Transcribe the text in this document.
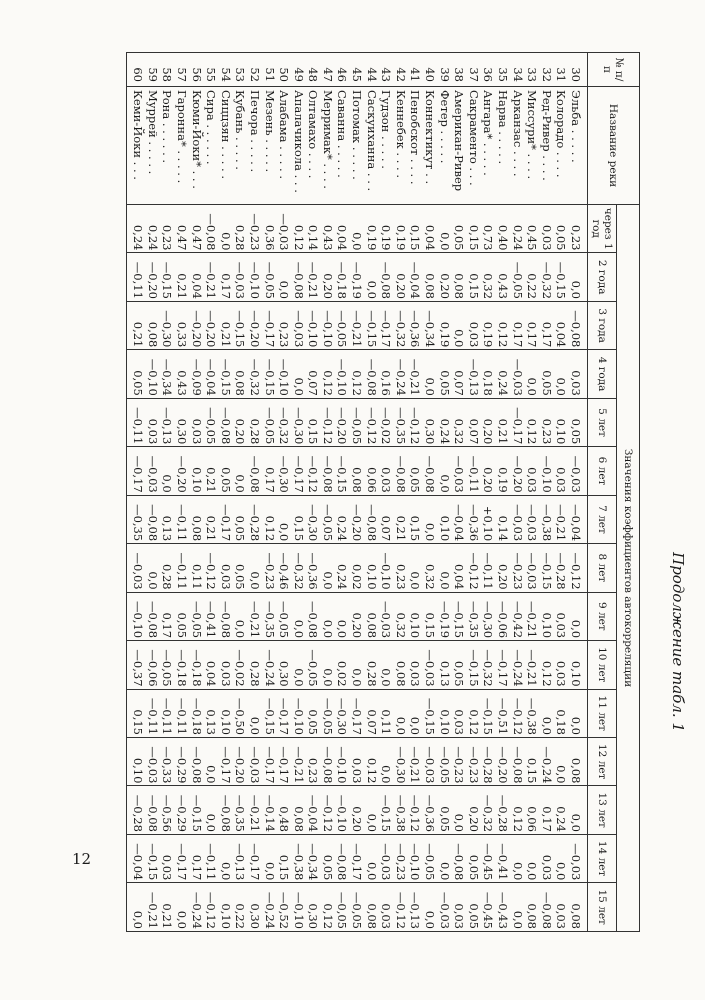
12
Продолжение табл. 1
№ п/п	Название реки	Значения коэффициентов автокорреляции														
		через 1 год	2 года	3 года	4 года	5 лет	6 лет	7 лет	8 лет	9 лет	10 лет	11 лет	12 лет	13 лет	14 лет	15 лет
30	Эльба . . . . .	0,23	0,0	—0,08	0,03	0,05	—0,03	—0,04	—0,12	0,0	0,10	0,0	0,08	0,0	—0,03	0,08
31	Колорадо . . . .	0,05	—0,15	0,04	0,0	0,10	0,03	—0,21	—0,28	0,03	0,03	0,18	0,0	0,24	0,0	0,03
32	Ред-Ривер . . . .	0,03	—0,32	0,17	0,05	0,23	—0,10	—0,38	—0,15	0,10	0,12	0,0	—0,24	0,17	0,03	—0,08
33	Миссури* . . . .	0,45	0,22	0,17	0,0	0,12	0,03	—0,03	—0,03	—0,21	—0,21	—0,38	0,15	0,06	0,0	0,08
34	Арканзас . . . .	0,24	—0,05	0,17	—0,03	—0,17	—0,20	—0,03	—0,23	—0,42	—0,24	—0,12	—0,08	0,12	0,0	0,0
35	Нарва . . . . .	0,40	0,43	0,12	0,24	0,21	0,19	0,14	0,20	—0,06	—0,17	—0,51	—0,20	—0,28	—0,41	—0,43
36	Ангара* . . . . .	0,73	0,32	0,19	0,18	0,20	0,20	+0,10	—0,11	—0,30	—0,32	—0,15	—0,28	—0,32	—0,45	—0,45
37	Сакраменто . . .	0,15	0,15	0,03	—0,13	0,07	—0,11	—0,36	—0,12	—0,35	—0,15	0,12	—0,23	0,20	0,05	0,05
38	Американ-Ривер	0,05	0,08	0,0	0,07	0,32	—0,03	—0,04	0,04	—0,15	0,05	0,03	—0,23	0,0	—0,08	0,03
39	Фетер . . . . .	0,0	0,20	0,19	0,05	0,24	0,0	0,10	0,0	—0,19	0,13	0,10	—0,05	0,05	0,0	—0,03
40	Коннектикут . .	0,04	0,08	—0,34	0,0	0,30	—0,08	0,0	0,32	0,15	—0,03	—0,15	—0,03	—0,36	—0,05	0,0
41	Пенобскот . . . .	0,15	—0,04	—0,36	—0,21	—0,12	0,05	0,15	0,0	0,10	0,03	0,0	—0,21	—0,12	—0,10	—0,13
42	Кеннебек . . . .	0,19	0,20	—0,32	—0,24	—0,35	—0,08	0,21	0,23	0,32	0,08	0,0	—0,30	—0,38	—0,23	—0,12
43	Гудзон . . . . .	0,19	—0,08	—0,17	0,16	—0,02	0,03	0,07	—0,10	—0,03	0,0	0,11	0,0	—0,15	—0,03	0,03
44	Саскуиханна . . .	0,19	0,0	—0,15	—0,08	—0,12	0,06	—0,08	0,10	0,08	0,28	0,07	0,12	0,0	0,0	0,08
45	Потомак . . . . .	0,0	—0,19	—0,21	0,12	—0,05	0,08	—0,20	0,02	0,20	0,0	—0,17	0,03	0,20	—0,17	—0,05
46	Саванна . . . . .	0,04	—0,18	—0,05	—0,10	—0,20	—0,15	0,24	0,24	0,0	0,02	—0,30	—0,10	—0,10	—0,08	—0,05
47	Мерримак* . . . .	0,43	0,20	—0,10	0,12	—0,12	—0,08	—0,05	0,0	0,0	0,0	—0,05	—0,08	—0,12	0,05	0,12
48	Олтамахо . . . .	0,14	—0,21	—0,10	0,07	0,15	—0,12	—0,30	—0,36	—0,08	—0,05	0,05	0,23	—0,04	—0,34	0,30
49	Апалачикола . . .	0,12	—0,08	—0,03	0,0	—0,30	—0,17	0,15	—0,32	0,0	0,0	—0,10	—0,21	0,08	—0,38	—0,10
50	Алабама . . . . .	—0,03	0,0	0,23	—0,10	—0,32	—0,30	0,0	—0,46	—0,05	0,30	—0,17	—0,17	0,48	0,15	—0,52
51	Мезень . . . . .	0,36	—0,05	—0,17	—0,15	—0,05	0,17	0,12	—0,23	—0,35	—0,24	—0,15	—0,17	—0,14	0,0	—0,24
52	Печора . . . . .	—0,23	—0,10	—0,20	—0,32	0,28	—0,08	—0,28	0,0	—0,21	0,28	0,0	—0,03	—0,21	—0,17	0,30
53	Кубань . . . . .	0,28	—0,03	—0,15	0,08	0,20	0,0	0,05	0,05	0,0	—0,02	—0,50	—0,20	—0,35	—0,13	0,22
54	Сиццзян . . . . .	0,0	0,17	0,21	—0,15	—0,08	0,05	—0,17	0,03	—0,08	0,03	0,10	—0,17	—0,08	0,0	0,10
55	Сира . . . . . .	—0,08	—0,21	—0,20	—0,04	—0,05	0,21	0,21	—0,12	—0,41	0,04	0,13	0,0	0,0	—0,11	—0,12
56	Кюми-Йоки* . . .	0,47	0,04	—0,20	—0,09	0,03	0,10	0,08	0,11	—0,05	—0,18	—0,18	—0,08	—0,15	0,17	—0,24
57	Гаронна* . . . . .	0,47	0,21	0,33	0,43	0,30	—0,20	—0,11	—0,11	0,05	—0,18	—0,11	—0,29	—0,29	—0,17	0,0
58	Рона . . . . . .	0,23	—0,15	—0,30	—0,34	—0,13	0,0	0,13	0,28	0,17	—0,05	—0,11	—0,33	—0,56	0,03	0,21
59	Муррей . . . . .	0,24	—0,20	0,08	—0,10	0,03	—0,03	—0,08	0,0	—0,08	—0,06	—0,11	—0,03	—0,08	—0,15	—0,21
60	Кеми-Йоки . . .	0,24	—0,11	0,21	0,05	—0,11	—0,17	—0,35	—0,03	—0,10	—0,37	0,15	0,10	—0,28	—0,04	0,0
